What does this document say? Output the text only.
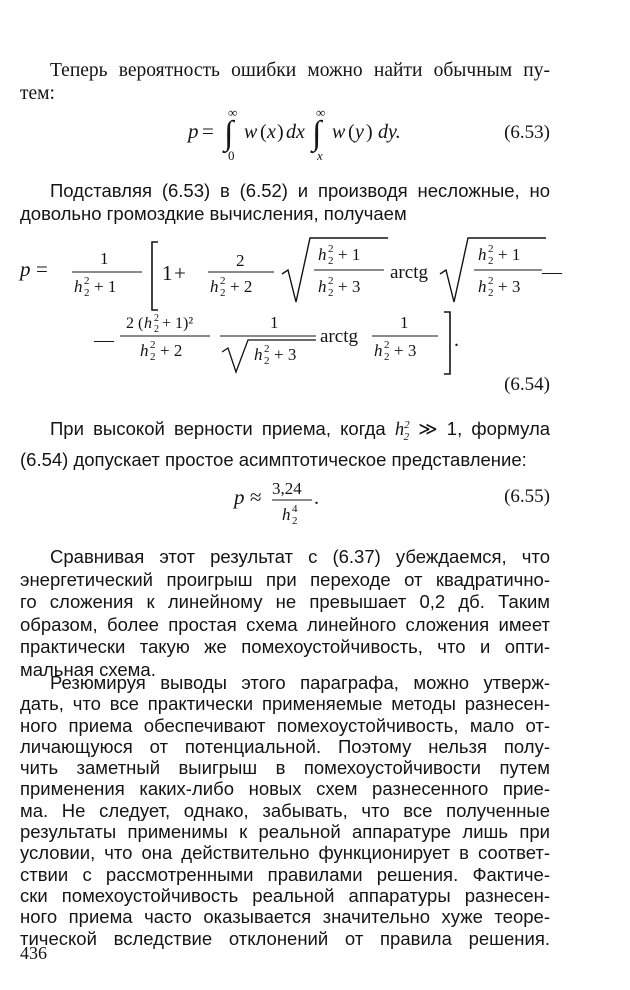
Теперь вероятность ошибки можно найти обычным пу-
тем:
p = ∫
∞
0
w ( x ) dx ∫
∞
x
w ( y ) dy.	(6.53)
Подставляя (6.53) в (6.52) и производя несложные, но
довольно громоздкие вычисления, получаем
p =	1
h 2
2 + 1
1 +
2
h 2
2 + 2
h 2
2 + 1
h 2
2 + 3
arctg
h 2
2 + 1
h 2
2 + 3
—
—
2 ( h 2
2 + 1)²
h 2
2 + 2
1
h 2
2 + 3
arctg
1
h 2
2 + 3 .
(6.54)
При высокой верности приема, когда $h^2_2$ ≫ 1, формула
(6.54) допускает простое асимптотическое представление:
p ≈ 3,24
h 4
2
.	(6.55)
Сравнивая этот результат с (6.37) убеждаемся, что
энергетический проигрыш при переходе от квадратично-
го сложения к линейному не превышает 0,2 дб. Таким
образом, более простая схема линейного сложения имеет
практически такую же помехоустойчивость, что и опти-
мальная схема.
Резюмируя выводы этого параграфа, можно утверж-
дать, что все практически применяемые методы разнесен-
ного приема обеспечивают помехоустойчивость, мало от-
личающуюся от потенциальной. Поэтому нельзя полу-
чить заметный выигрыш в помехоустойчивости путем
применения каких-либо новых схем разнесенного прие-
ма. Не следует, однако, забывать, что все полученные
результаты применимы к реальной аппаратуре лишь при
условии, что она действительно функционирует в соответ-
ствии с рассмотренными правилами решения. Фактиче-
ски помехоустойчивость реальной аппаратуры разнесен-
ного приема часто оказывается значительно хуже теоре-
тической вследствие отклонений от правила решения.
436
